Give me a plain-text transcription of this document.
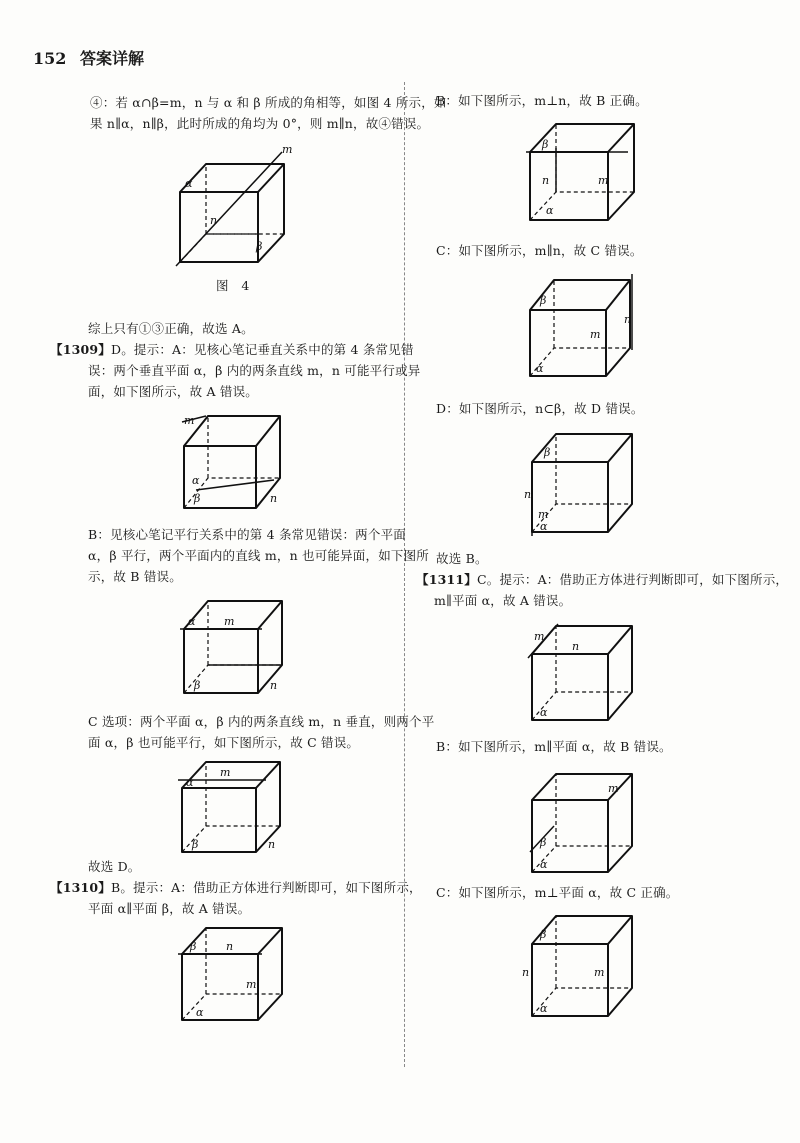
152 答案详解
④：若 α∩β=m，n 与 α 和 β 所成的角相等，如图 4 所示，如
果 n∥α，n∥β，此时所成的角均为 0°，则 m∥n，故④错误。
α
β
n
m
图　4
综上只有①③正确，故选 A。
【1309】D。提示：A：见核心笔记垂直关系中的第 4 条常见错
误：两个垂直平面 α，β 内的两条直线 m，n 可能平行或异
面，如下图所示，故 A 错误。
m
α
β	n
B：见核心笔记平行关系中的第 4 条常见错误：两个平面
α，β 平行，两个平面内的直线 m，n 也可能异面，如下图所
示，故 B 错误。
α	m
β	n
C 选项：两个平面 α，β 内的两条直线 m，n 垂直，则两个平
面 α，β 也可能平行，如下图所示，故 C 错误。
α
m
β	n
故选 D。
【1310】B。提示：A：借助正方体进行判断即可，如下图所示，
平面 α∥平面 β，故 A 错误。
β	n
m
α
B：如下图所示，m⊥n，故 B 正确。
β
n	m
α
C：如下图所示，m∥n，故 C 错误。
β
m
α
n
D：如下图所示，n⊂β，故 D 错误。
β
n
m
α
故选 B。
【1311】C。提示：A：借助正方体进行判断即可，如下图所示，
m∥平面 α，故 A 错误。
m
n
α
B：如下图所示，m∥平面 α，故 B 错误。
m
β
α
C：如下图所示，m⊥平面 α，故 C 正确。
β
n	m
α
